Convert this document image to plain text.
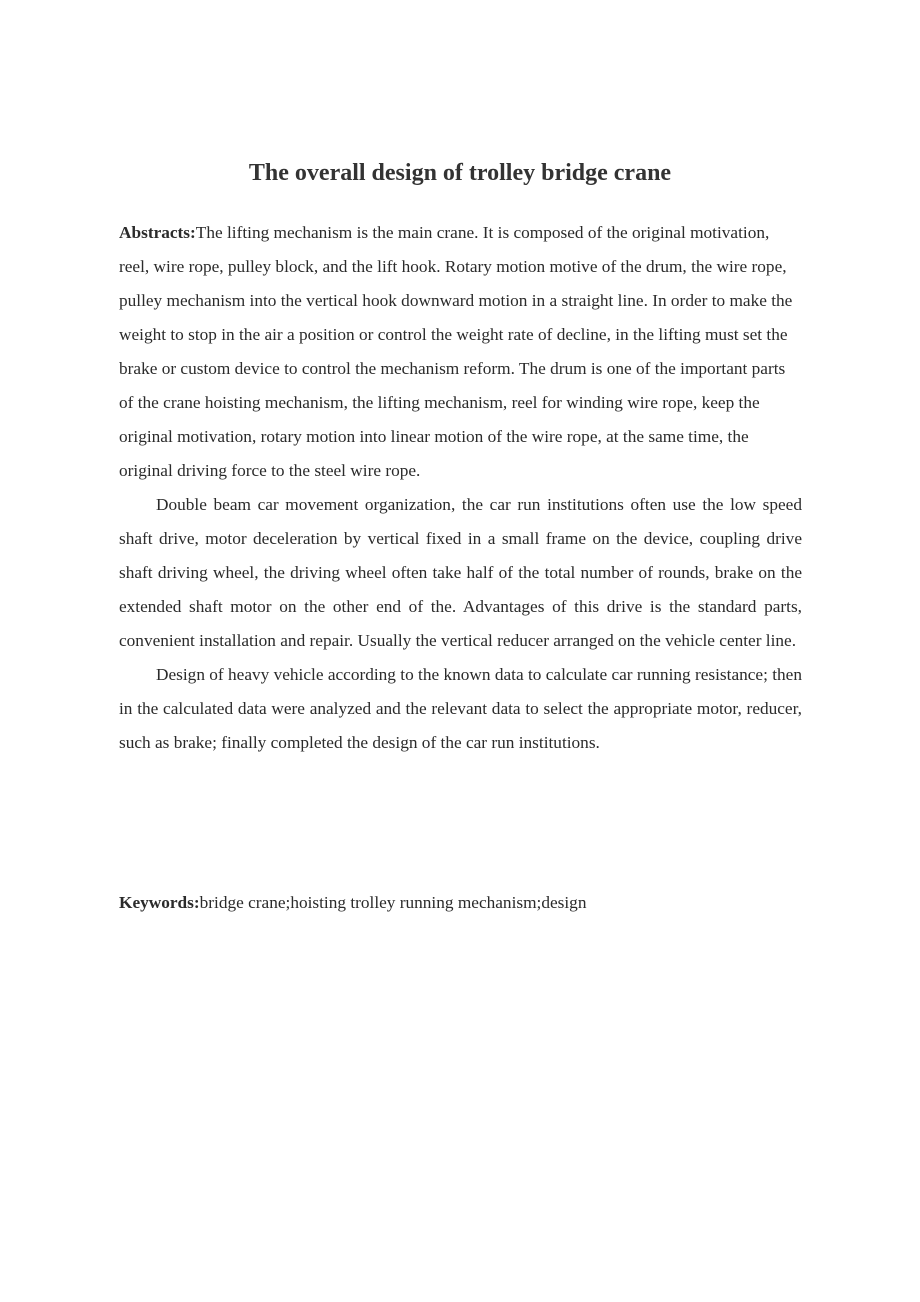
The overall design of trolley bridge crane

Abstracts:The lifting mechanism is the main crane. It is composed of the original motivation, reel, wire rope, pulley block, and the lift hook. Rotary motion motive of the drum, the wire rope, pulley mechanism into the vertical hook downward motion in a straight line. In order to make the weight to stop in the air a position or control the weight rate of decline, in the lifting must set the brake or custom device to control the mechanism reform. The drum is one of the important parts of the crane hoisting mechanism, the lifting mechanism, reel for winding wire rope, keep the original motivation, rotary motion into linear motion of the wire rope, at the same time, the original driving force to the steel wire rope.

Double beam car movement organization, the car run institutions often use the low speed shaft drive, motor deceleration by vertical fixed in a small frame on the device, coupling drive shaft driving wheel, the driving wheel often take half of the total number of rounds, brake on the extended shaft motor on the other end of the. Advantages of this drive is the standard parts, convenient installation and repair. Usually the vertical reducer arranged on the vehicle center line.

Design of heavy vehicle according to the known data to calculate car running resistance; then in the calculated data were analyzed and the relevant data to select the appropriate motor, reducer, such as brake; finally completed the design of the car run institutions.

Keywords:bridge crane;hoisting trolley running mechanism;design
